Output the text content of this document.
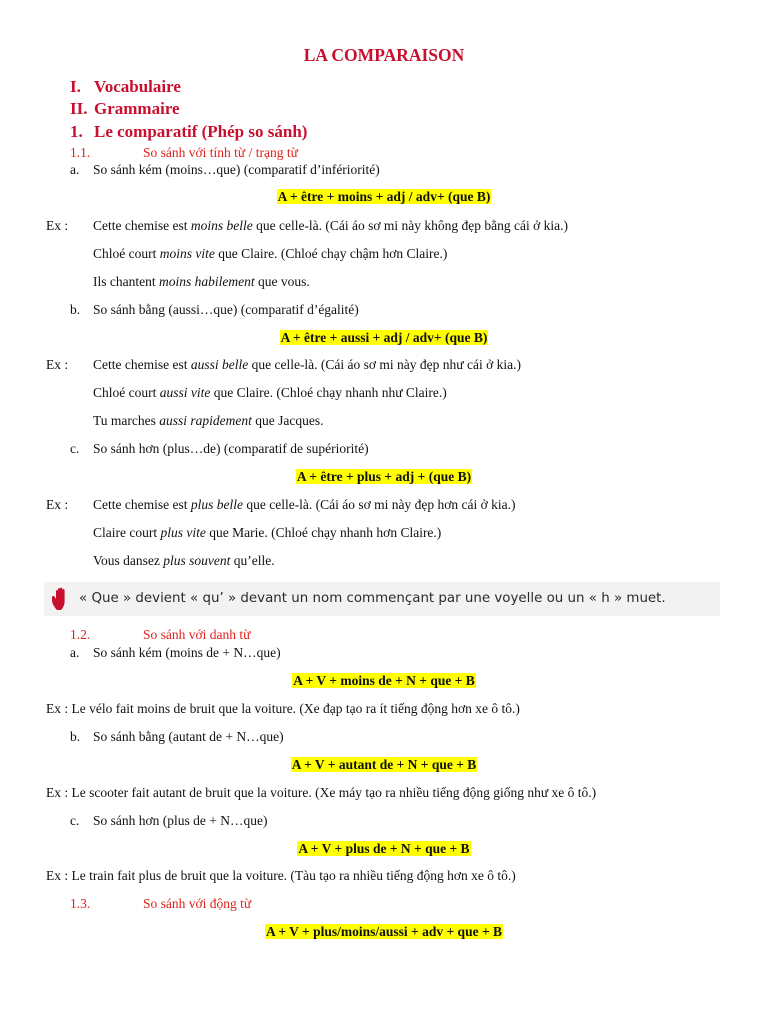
LA COMPARAISON
I. Vocabulaire
II. Grammaire
1. Le comparatif (Phép so sánh)
1.1.	So sánh với tính từ / trạng từ
a. So sánh kém (moins…que) (comparatif d’infériorité)
A + être + moins + adj / adv+ (que B)
Ex : Cette chemise est moins belle que celle-là. (Cái áo sơ mi này không đẹp bằng cái ở kia.)
Chloé court moins vite que Claire. (Chloé chạy chậm hơn Claire.)
Ils chantent moins habilement que vous.
b. So sánh bằng (aussi…que) (comparatif d’égalité)
A + être + aussi + adj / adv+ (que B)
Ex : Cette chemise est aussi belle que celle-là. (Cái áo sơ mi này đẹp như cái ở kia.)
Chloé court aussi vite que Claire. (Chloé chạy nhanh như Claire.)
Tu marches aussi rapidement que Jacques.
c. So sánh hơn (plus…de) (comparatif de supériorité)
A + être + plus + adj + (que B)
Ex : Cette chemise est plus belle que celle-là. (Cái áo sơ mi này đẹp hơn cái ở kia.)
Claire court plus vite que Marie. (Chloé chạy nhanh hơn Claire.)
Vous dansez plus souvent qu’elle.
« Que » devient « qu’ » devant un nom commençant par une voyelle ou un « h » muet.
1.2.	So sánh với danh từ
a. So sánh kém (moins de + N…que)
A + V + moins de + N + que + B
Ex : Le vélo fait moins de bruit que la voiture. (Xe đạp tạo ra ít tiếng động hơn xe ô tô.)
b. So sánh bằng (autant de + N…que)
A + V + autant de + N + que + B
Ex : Le scooter fait autant de bruit que la voiture. (Xe máy tạo ra nhiều tiếng động giống như xe ô tô.)
c. So sánh hơn (plus de + N…que)
A + V + plus de + N + que + B
Ex : Le train fait plus de bruit que la voiture. (Tàu tạo ra nhiều tiếng động hơn xe ô tô.)
1.3.	So sánh với động từ
A + V + plus/moins/aussi + adv + que + B
